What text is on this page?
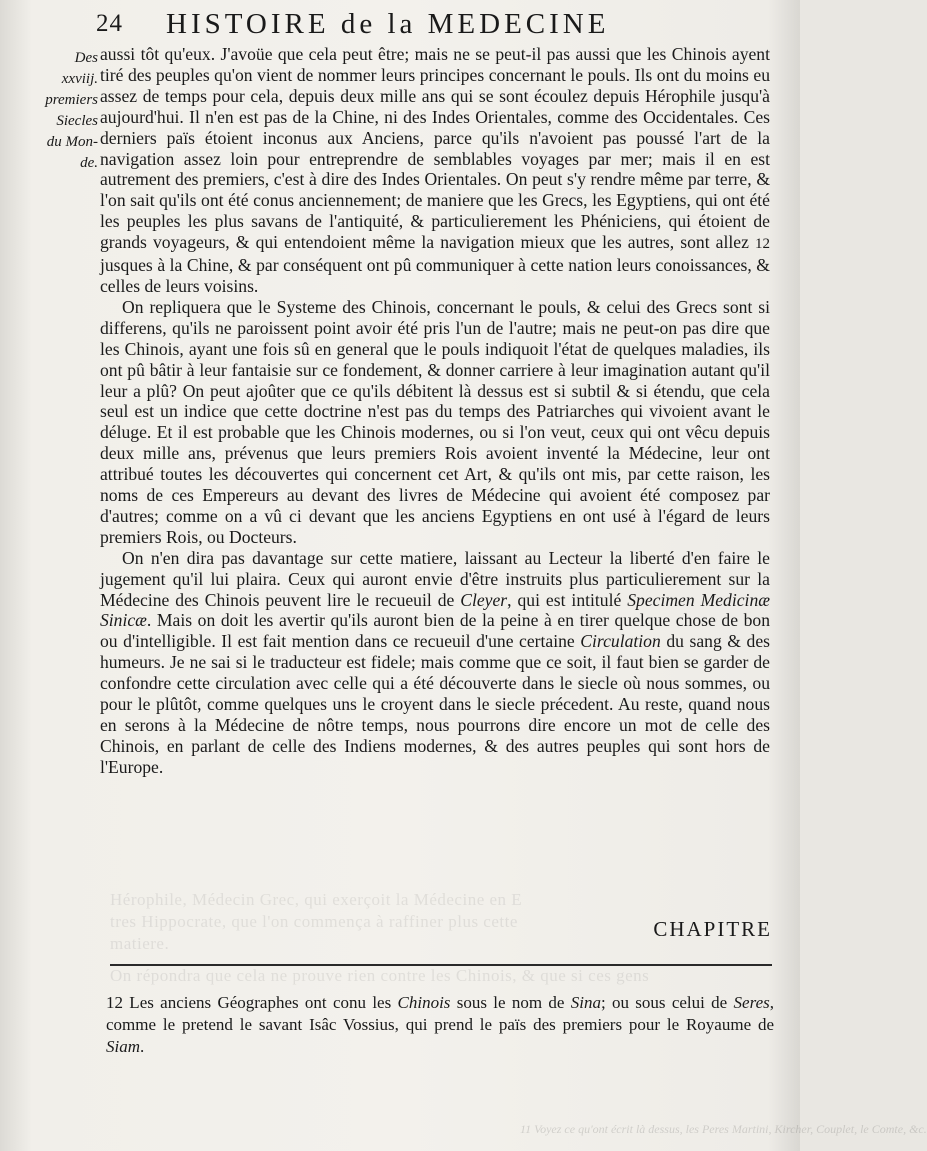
Hérophile, Médecin Grec, qui exerçoit la Médecine en E
tres Hippocrate, que l'on commença à raffiner plus cette
matiere.
On répondra que cela ne prouve rien contre les Chinois, & que si ces gens
24 HISTOIRE de la MEDECINE
Des
xxviij.
premiers
Siecles
du Mon-
de.

aussi tôt qu'eux. J'avoüe que cela peut être; mais ne se peut-il pas aussi que les Chinois ayent tiré des peuples qu'on vient de nommer leurs principes concernant le pouls. Ils ont du moins eu assez de temps pour cela, depuis deux mille ans qui se sont écoulez depuis Hérophile jusqu'à aujourd'hui. Il n'en est pas de la Chine, ni des Indes Orientales, comme des Occidentales. Ces derniers païs étoient inconus aux Anciens, parce qu'ils n'avoient pas poussé l'art de la navigation assez loin pour entreprendre de semblables voyages par mer; mais il en est autrement des premiers, c'est à dire des Indes Orientales. On peut s'y rendre même par terre, & l'on sait qu'ils ont été conus anciennement; de maniere que les Grecs, les Egyptiens, qui ont été les peuples les plus savans de l'antiquité, & particulierement les Phéniciens, qui étoient de grands voyageurs, & qui entendoient même la navigation mieux que les autres, sont allez 12 jusques à la Chine, & par conséquent ont pû communiquer à cette nation leurs conoissances, & celles de leurs voisins.

On repliquera que le Systeme des Chinois, concernant le pouls, & celui des Grecs sont si differens, qu'ils ne paroissent point avoir été pris l'un de l'autre; mais ne peut-on pas dire que les Chinois, ayant une fois sû en general que le pouls indiquoit l'état de quelques maladies, ils ont pû bâtir à leur fantaisie sur ce fondement, & donner carriere à leur imagination autant qu'il leur a plû? On peut ajoûter que ce qu'ils débitent là dessus est si subtil & si étendu, que cela seul est un indice que cette doctrine n'est pas du temps des Patriarches qui vivoient avant le déluge. Et il est probable que les Chinois modernes, ou si l'on veut, ceux qui ont vêcu depuis deux mille ans, prévenus que leurs premiers Rois avoient inventé la Médecine, leur ont attribué toutes les découvertes qui concernent cet Art, & qu'ils ont mis, par cette raison, les noms de ces Empereurs au devant des livres de Médecine qui avoient été composez par d'autres; comme on a vû ci devant que les anciens Egyptiens en ont usé à l'égard de leurs premiers Rois, ou Docteurs.

On n'en dira pas davantage sur cette matiere, laissant au Lecteur la liberté d'en faire le jugement qu'il lui plaira. Ceux qui auront envie d'être instruits plus particulierement sur la Médecine des Chinois peuvent lire le recueuil de Cleyer, qui est intitulé Specimen Medicinæ Sinicæ. Mais on doit les avertir qu'ils auront bien de la peine à en tirer quelque chose de bon ou d'intelligible. Il est fait mention dans ce recueuil d'une certaine Circulation du sang & des humeurs. Je ne sai si le traducteur est fidele; mais comme que ce soit, il faut bien se garder de confondre cette circulation avec celle qui a été découverte dans le siecle où nous sommes, ou pour le plûtôt, comme quelques uns le croyent dans le siecle précedent. Au reste, quand nous en serons à la Médecine de nôtre temps, nous pourrons dire encore un mot de celle des Chinois, en parlant de celle des Indiens modernes, & des autres peuples qui sont hors de l'Europe.

CHAPITRE
12 Les anciens Géographes ont conu les Chinois sous le nom de Sina; ou sous celui de Seres, comme le pretend le savant Isâc Vossius, qui prend le païs des premiers pour le Royaume de Siam.
11 Voyez ce qu'ont écrit là dessus, les Peres Martini, Kircher, Couplet, le Comte, &c.
